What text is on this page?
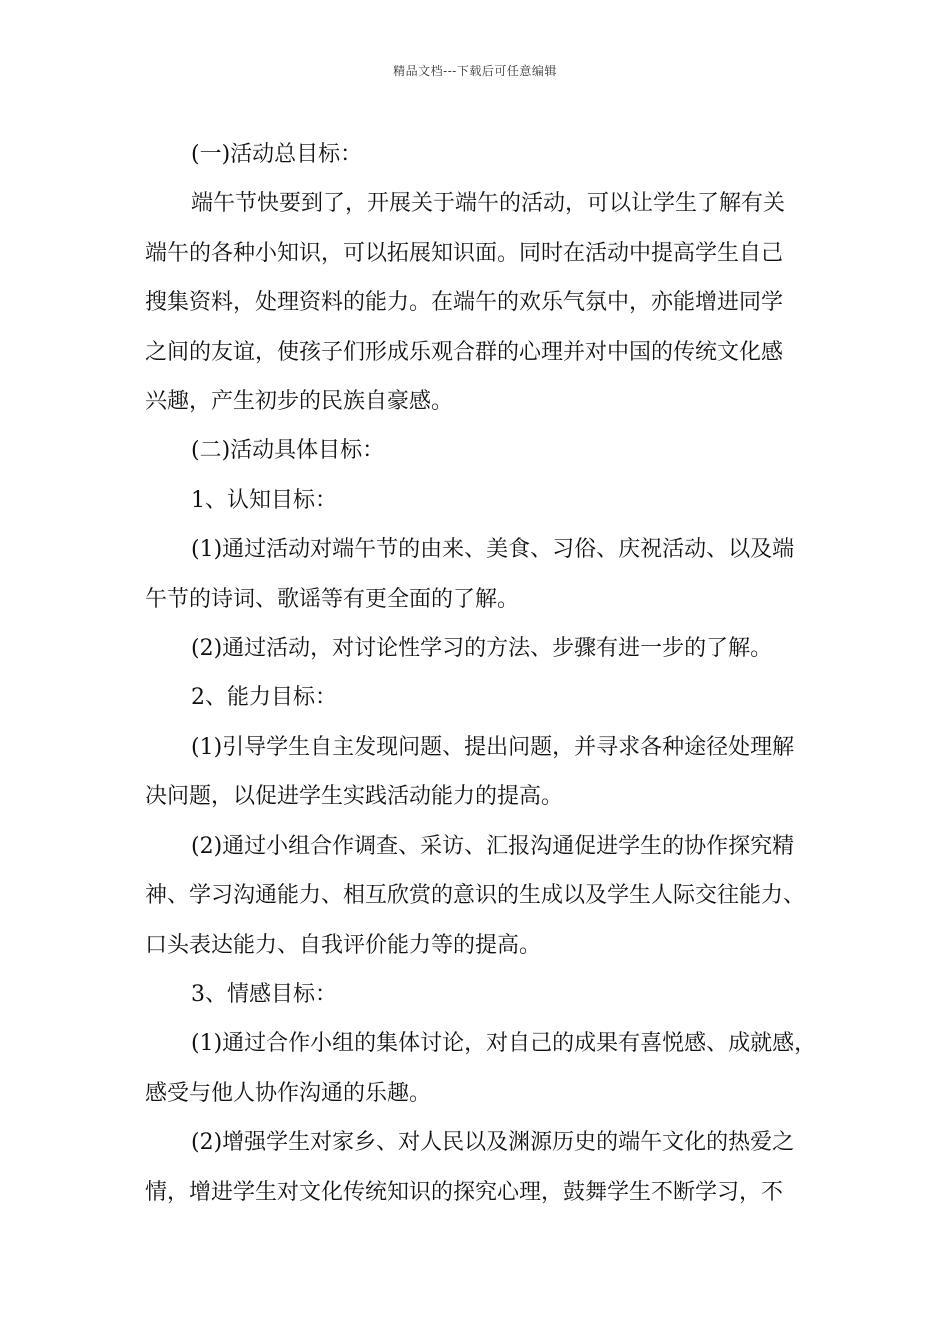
精品文档---下载后可任意编辑

(一)活动总目标：

端午节快要到了，开展关于端午的活动，可以让学生了解有关
端午的各种小知识，可以拓展知识面。同时在活动中提高学生自己
搜集资料，处理资料的能力。在端午的欢乐气氛中，亦能增进同学
之间的友谊，使孩子们形成乐观合群的心理并对中国的传统文化感
兴趣，产生初步的民族自豪感。

(二)活动具体目标：

1、认知目标：

(1)通过活动对端午节的由来、美食、习俗、庆祝活动、以及端
午节的诗词、歌谣等有更全面的了解。

(2)通过活动，对讨论性学习的方法、步骤有进一步的了解。

2、能力目标：

(1)引导学生自主发现问题、提出问题，并寻求各种途径处理解
决问题，以促进学生实践活动能力的提高。

(2)通过小组合作调查、采访、汇报沟通促进学生的协作探究精
神、学习沟通能力、相互欣赏的意识的生成以及学生人际交往能力、
口头表达能力、自我评价能力等的提高。

3、情感目标：

(1)通过合作小组的集体讨论，对自己的成果有喜悦感、成就感，
感受与他人协作沟通的乐趣。

(2)增强学生对家乡、对人民以及渊源历史的端午文化的热爱之
情，增进学生对文化传统知识的探究心理，鼓舞学生不断学习，不
